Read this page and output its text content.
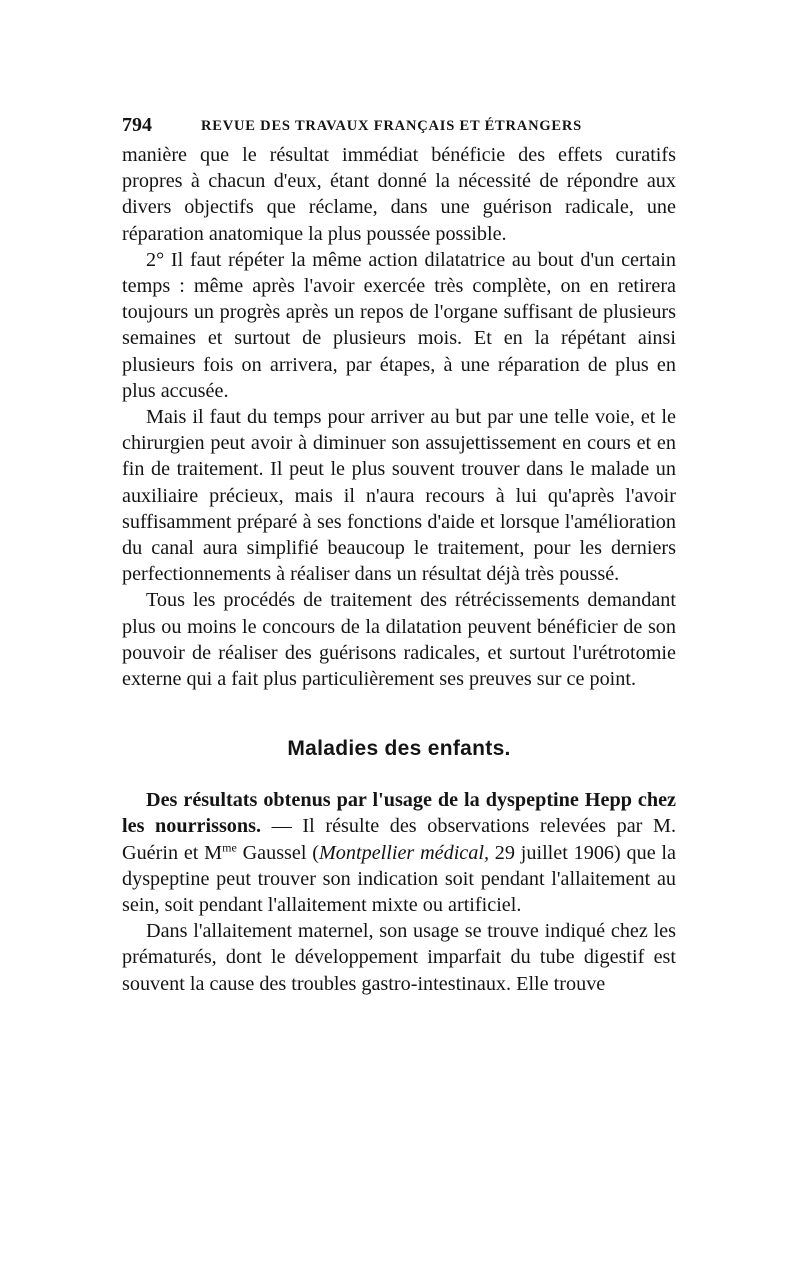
794	REVUE DES TRAVAUX FRANÇAIS ET ÉTRANGERS

manière que le résultat immédiat bénéficie des effets curatifs propres à chacun d'eux, étant donné la nécessité de répondre aux divers objectifs que réclame, dans une guérison radicale, une réparation anatomique la plus poussée possible.

2° Il faut répéter la même action dilatatrice au bout d'un certain temps : même après l'avoir exercée très complète, on en retirera toujours un progrès après un repos de l'organe suffisant de plusieurs semaines et surtout de plusieurs mois. Et en la répétant ainsi plusieurs fois on arrivera, par étapes, à une réparation de plus en plus accusée.

Mais il faut du temps pour arriver au but par une telle voie, et le chirurgien peut avoir à diminuer son assujettissement en cours et en fin de traitement. Il peut le plus souvent trouver dans le malade un auxiliaire précieux, mais il n'aura recours à lui qu'après l'avoir suffisamment préparé à ses fonctions d'aide et lorsque l'amélioration du canal aura simplifié beaucoup le traitement, pour les derniers perfectionnements à réaliser dans un résultat déjà très poussé.

Tous les procédés de traitement des rétrécissements demandant plus ou moins le concours de la dilatation peuvent bénéficier de son pouvoir de réaliser des guérisons radicales, et surtout l'urétrotomie externe qui a fait plus particulièrement ses preuves sur ce point.

Maladies des enfants.

Des résultats obtenus par l'usage de la dyspeptine Hepp chez les nourrissons. — Il résulte des observations relevées par M. Guérin et $M^{me}$ Gaussel (Montpellier médical, 29 juillet 1906) que la dyspeptine peut trouver son indication soit pendant l'allaitement au sein, soit pendant l'allaitement mixte ou artificiel.

Dans l'allaitement maternel, son usage se trouve indiqué chez les prématurés, dont le développement imparfait du tube digestif est souvent la cause des troubles gastro-intestinaux. Elle trouve
